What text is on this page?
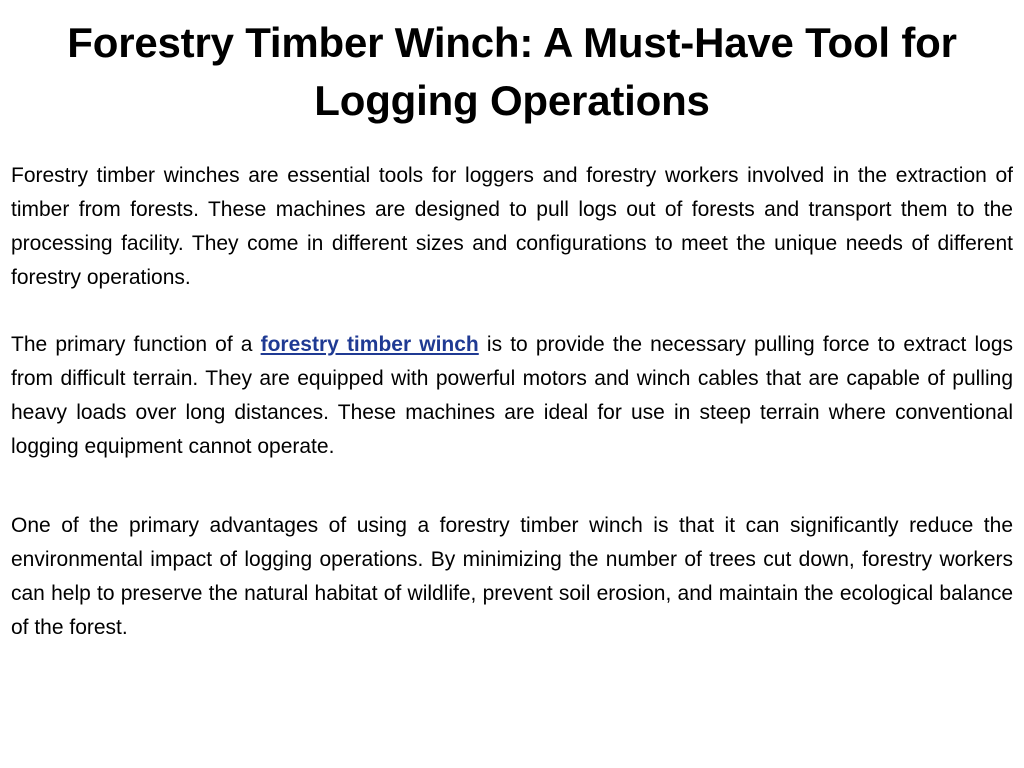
Forestry Timber Winch: A Must-Have Tool for Logging Operations

Forestry timber winches are essential tools for loggers and forestry workers involved in the extraction of timber from forests. These machines are designed to pull logs out of forests and transport them to the processing facility. They come in different sizes and configurations to meet the unique needs of different forestry operations.

The primary function of a forestry timber winch is to provide the necessary pulling force to extract logs from difficult terrain. They are equipped with powerful motors and winch cables that are capable of pulling heavy loads over long distances. These machines are ideal for use in steep terrain where conventional logging equipment cannot operate.

One of the primary advantages of using a forestry timber winch is that it can significantly reduce the environmental impact of logging operations. By minimizing the number of trees cut down, forestry workers can help to preserve the natural habitat of wildlife, prevent soil erosion, and maintain the ecological balance of the forest.
